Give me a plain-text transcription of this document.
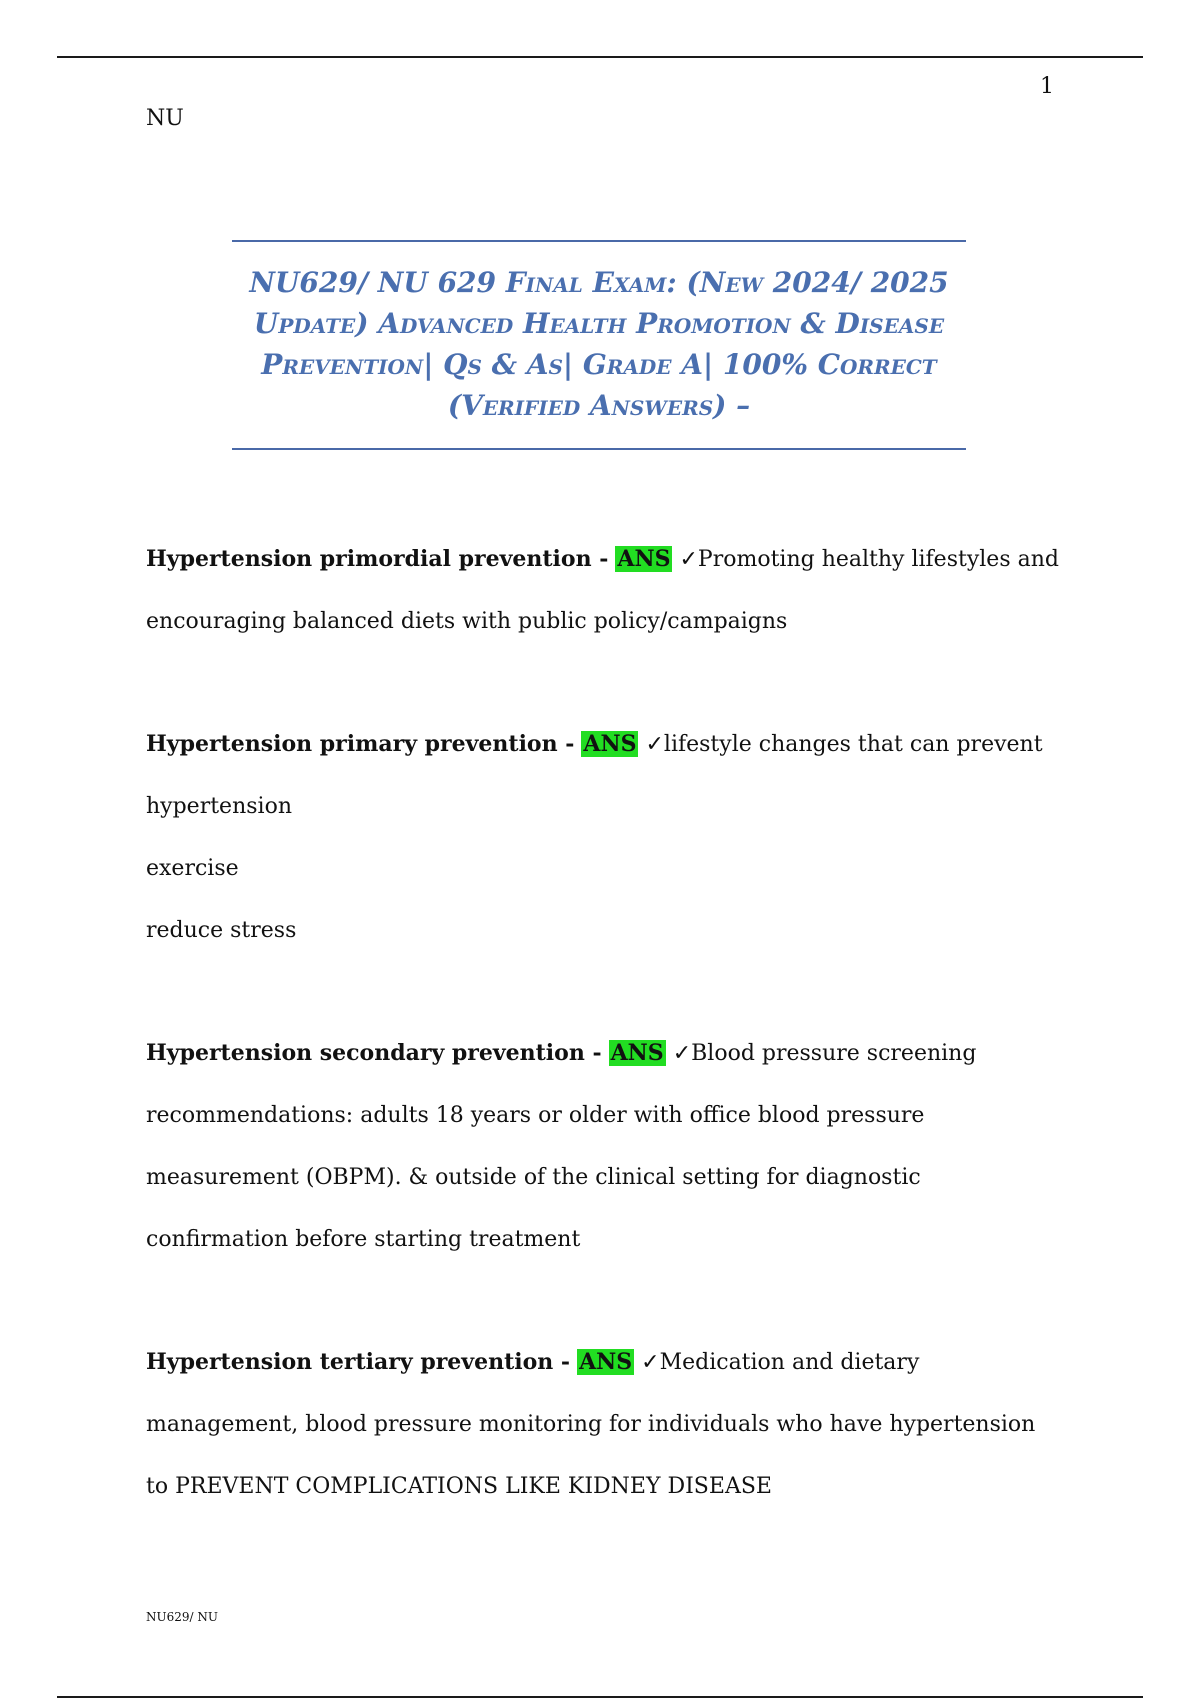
1
NU
NU629/ NU 629 Final Exam: (New 2024/ 2025 Update) Advanced Health Promotion & Disease Prevention| Qs & As| Grade A| 100% Correct (Verified Answers) –

Hypertension primordial prevention - ANS ✓Promoting healthy lifestyles and

encouraging balanced diets with public policy/campaigns

Hypertension primary prevention - ANS ✓lifestyle changes that can prevent

hypertension

exercise

reduce stress

Hypertension secondary prevention - ANS ✓Blood pressure screening

recommendations: adults 18 years or older with office blood pressure

measurement (OBPM). & outside of the clinical setting for diagnostic

confirmation before starting treatment

Hypertension tertiary prevention - ANS ✓Medication and dietary

management, blood pressure monitoring for individuals who have hypertension

to PREVENT COMPLICATIONS LIKE KIDNEY DISEASE

NU629/ NU
